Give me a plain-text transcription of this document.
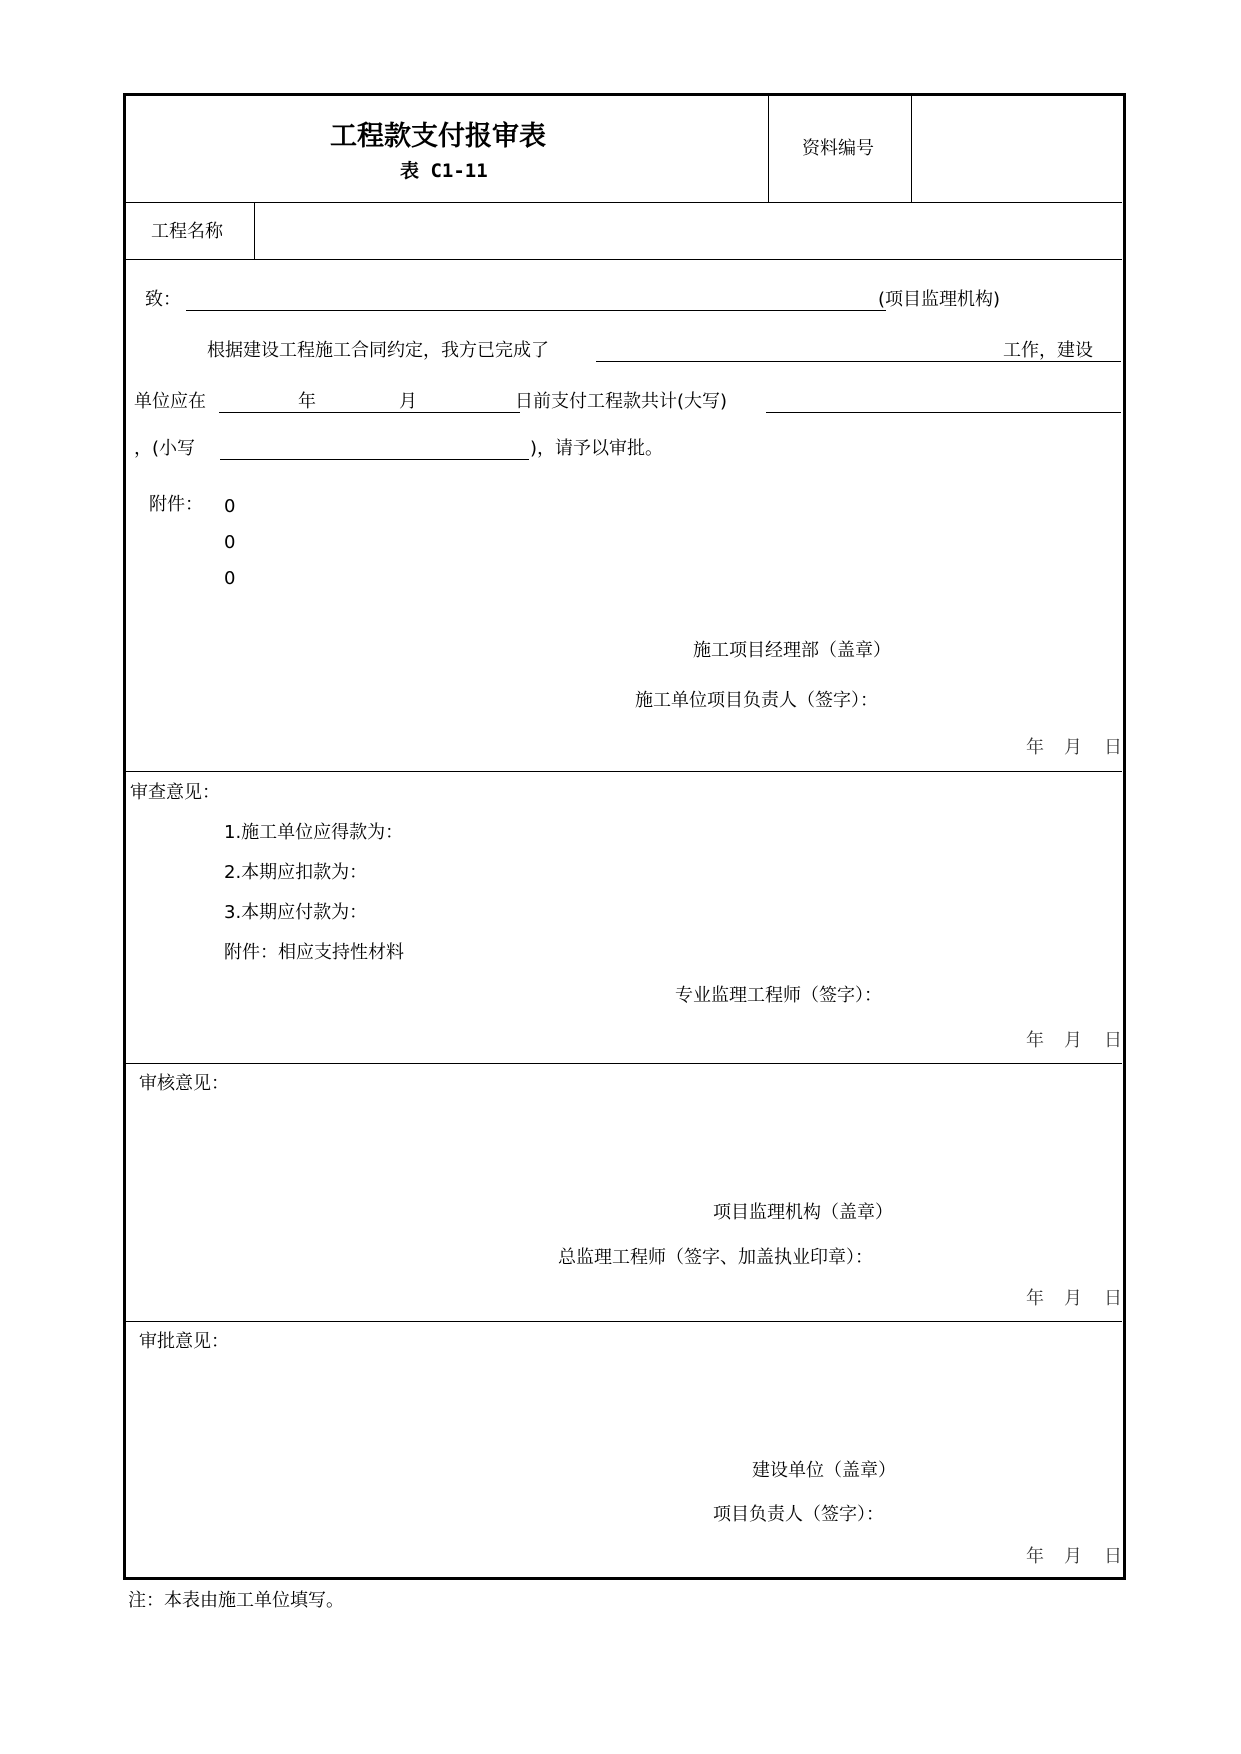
工程款支付报审表
表 C1-11
资料编号
工程名称
致：	(项目监理机构)
根据建设工程施工合同约定，我方已完成了	工作，建设
单位应在	年	月	日前支付工程款共计(大写)
，(小写	)，请予以审批。
附件： 0
0
0
施工项目经理部（盖章）
施工单位项目负责人（签字）：
年 月 日
审查意见：
1.施工单位应得款为：
2.本期应扣款为：
3.本期应付款为：
附件：相应支持性材料
专业监理工程师（签字）：
年 月 日
审核意见：
项目监理机构（盖章）
总监理工程师（签字、加盖执业印章）：
年 月 日
审批意见：
建设单位（盖章）
项目负责人（签字）：
年 月 日
注：本表由施工单位填写。
